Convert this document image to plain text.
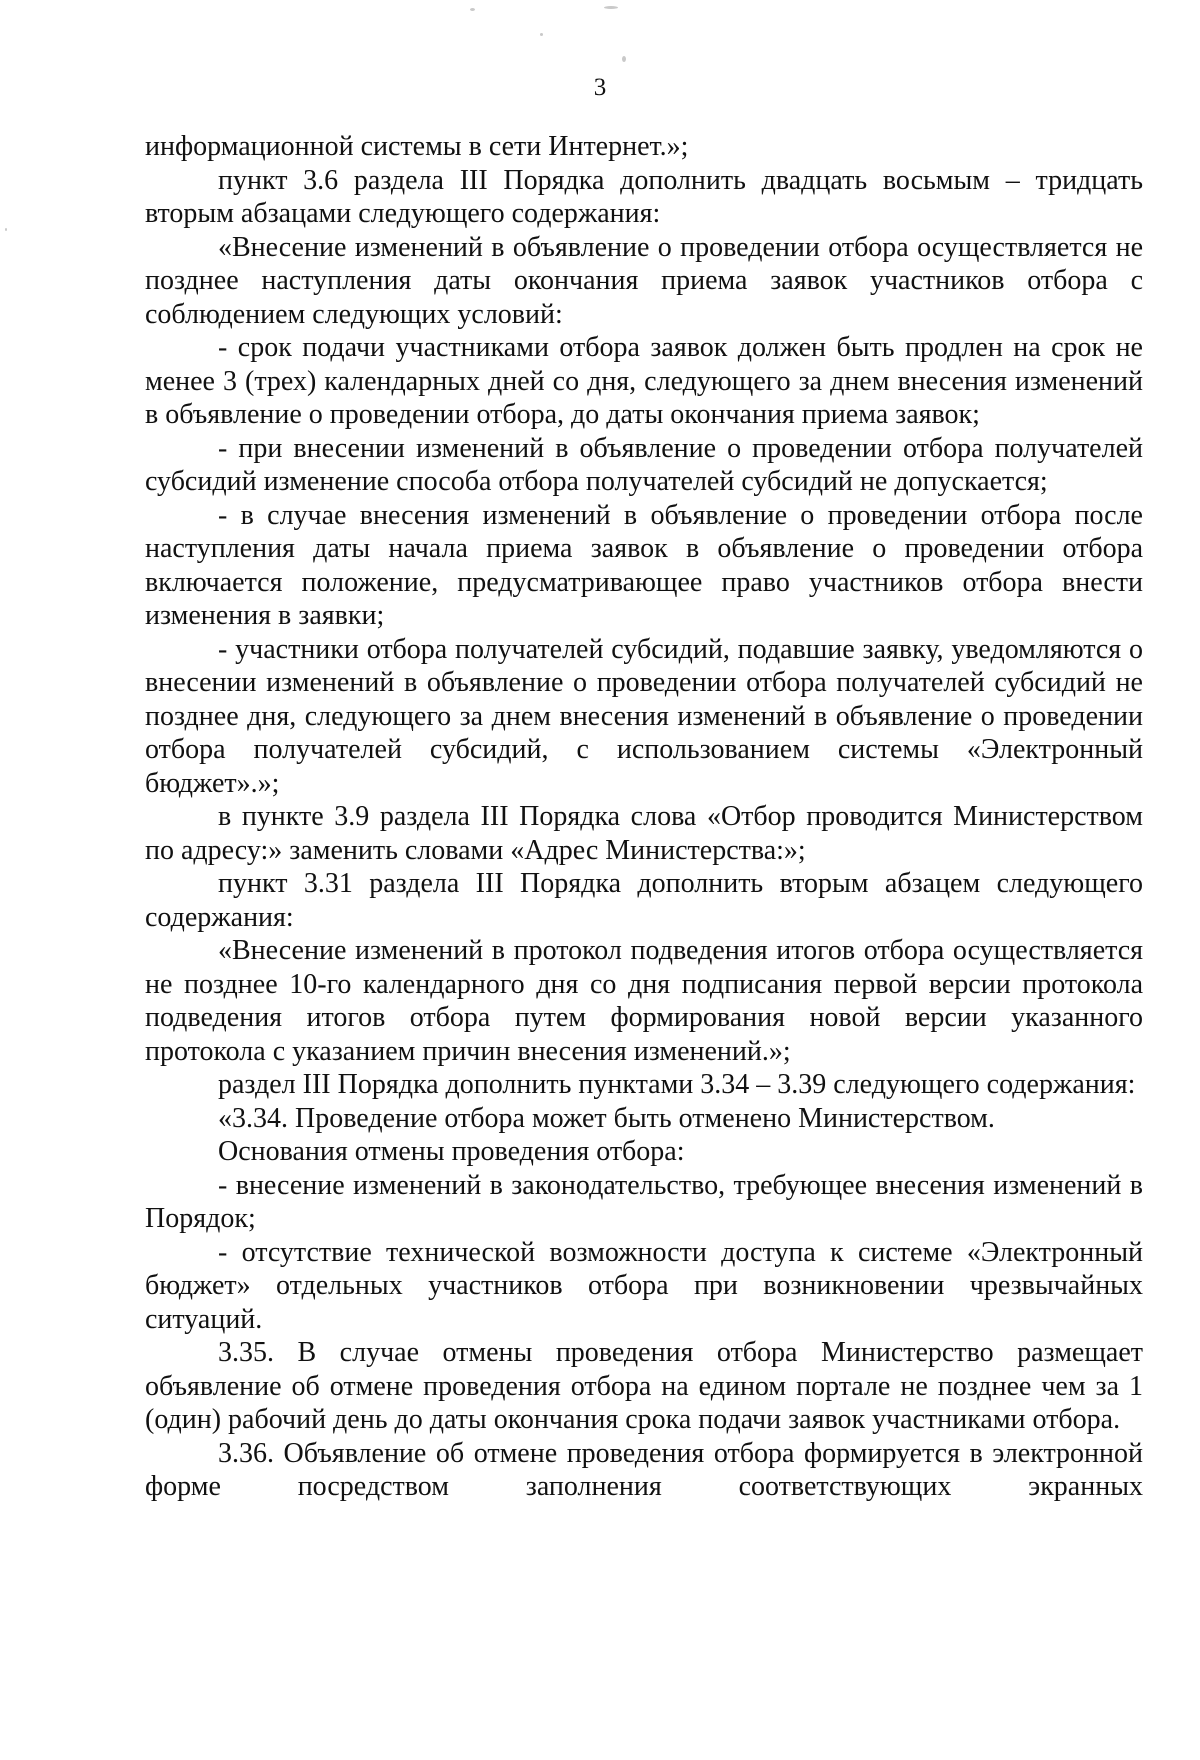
3

информационной системы в сети Интернет.»;

пункт 3.6 раздела III Порядка дополнить двадцать восьмым – тридцать вторым абзацами следующего содержания:

«Внесение изменений в объявление о проведении отбора осуществляется не позднее наступления даты окончания приема заявок участников отбора с соблюдением следующих условий:

- срок подачи участниками отбора заявок должен быть продлен на срок не менее 3 (трех) календарных дней со дня, следующего за днем внесения изменений в объявление о проведении отбора, до даты окончания приема заявок;

- при внесении изменений в объявление о проведении отбора получателей субсидий изменение способа отбора получателей субсидий не допускается;

- в случае внесения изменений в объявление о проведении отбора после наступления даты начала приема заявок в объявление о проведении отбора включается положение, предусматривающее право участников отбора внести изменения в заявки;

- участники отбора получателей субсидий, подавшие заявку, уведомляются о внесении изменений в объявление о проведении отбора получателей субсидий не позднее дня, следующего за днем внесения изменений в объявление о проведении отбора получателей субсидий, с использованием системы «Электронный бюджет».»;

в пункте 3.9 раздела III Порядка слова «Отбор проводится Министерством по адресу:» заменить словами «Адрес Министерства:»;

пункт 3.31 раздела III Порядка дополнить вторым абзацем следующего содержания:

«Внесение изменений в протокол подведения итогов отбора осуществляется не позднее 10-го календарного дня со дня подписания первой версии протокола подведения итогов отбора путем формирования новой версии указанного протокола с указанием причин внесения изменений.»;

раздел III Порядка дополнить пунктами 3.34 – 3.39 следующего содержания:

«3.34. Проведение отбора может быть отменено Министерством.

Основания отмены проведения отбора:

- внесение изменений в законодательство, требующее внесения изменений в Порядок;

- отсутствие технической возможности доступа к системе «Электронный бюджет» отдельных участников отбора при возникновении чрезвычайных ситуаций.

3.35. В случае отмены проведения отбора Министерство размещает объявление об отмене проведения отбора на едином портале не позднее чем за 1 (один) рабочий день до даты окончания срока подачи заявок участниками отбора.

3.36. Объявление об отмене проведения отбора формируется в электронной форме посредством заполнения соответствующих экранных
